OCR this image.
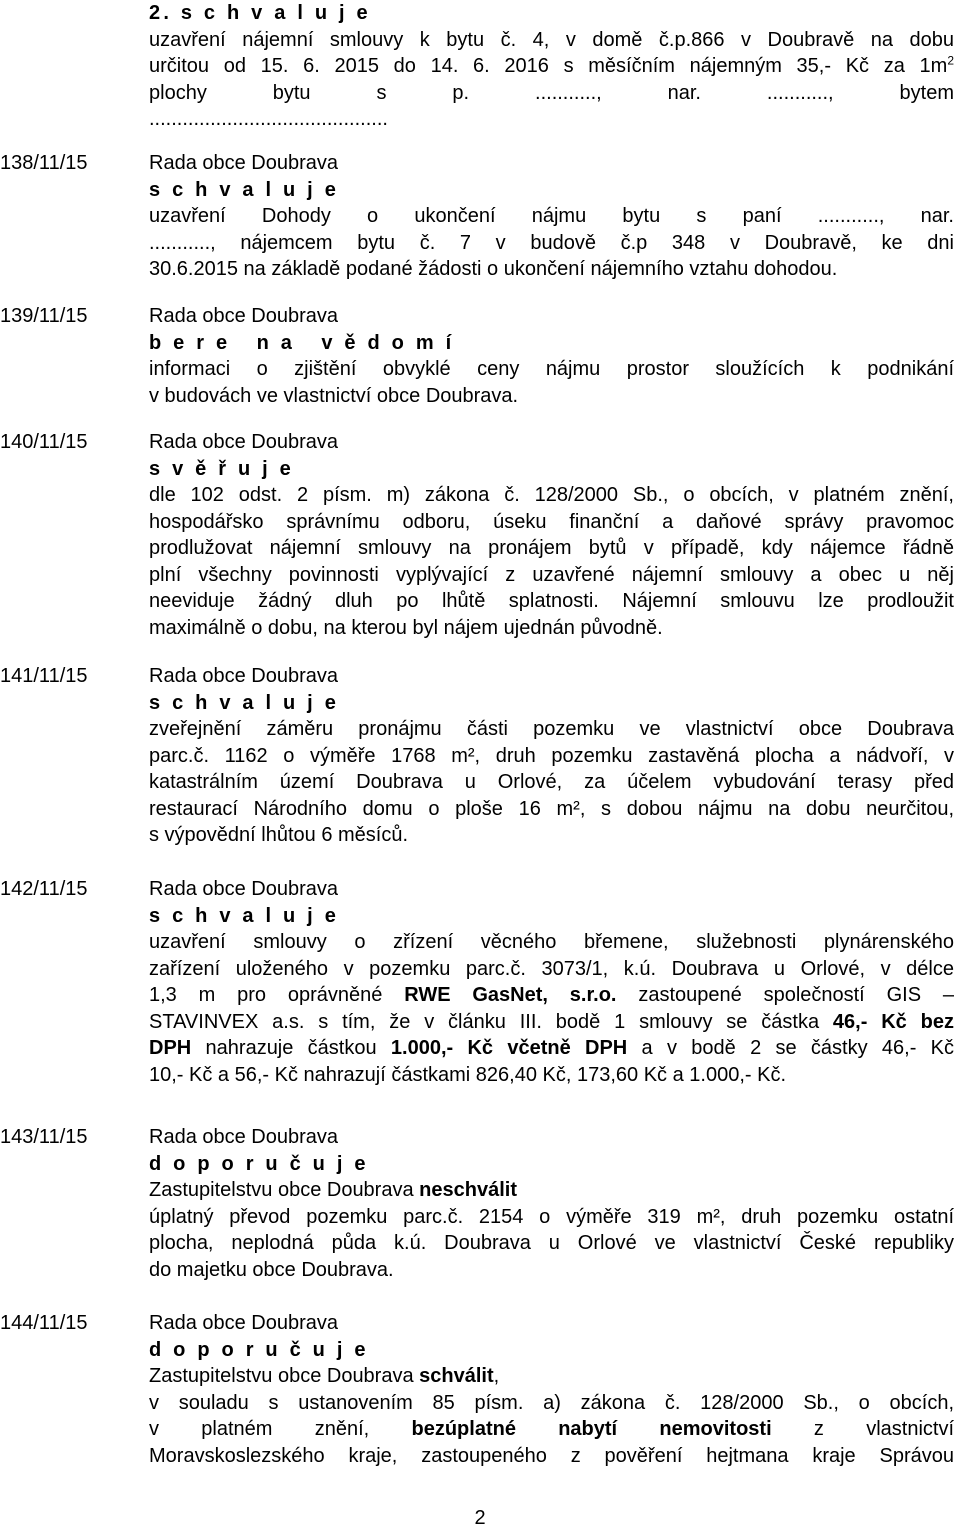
2. s c h v a l u j e
uzavření nájemní smlouvy k bytu č. 4, v domě č.p.866 v Doubravě na dobu
určitou od 15. 6. 2015 do 14. 6. 2016 s měsíčním nájemným 35,- Kč za $1m^2$
plochy bytu s p. ..........., nar. ..........., bytem
...........................................
138/11/15	Rada obce Doubrava
s c h v a l u j e
uzavření Dohody o ukončení nájmu bytu s paní ..........., nar.
..........., nájemcem bytu č. 7 v budově č.p 348 v Doubravě, ke dni
30.6.2015 na základě podané žádosti o ukončení nájemního vztahu dohodou.
139/11/15	Rada obce Doubrava
b e r e   n a   v ě d o m í
informaci o zjištění obvyklé ceny nájmu prostor sloužících k podnikání
v budovách ve vlastnictví obce Doubrava.
140/11/15	Rada obce Doubrava
s v ě ř u j e
dle 102 odst. 2 písm. m) zákona č. 128/2000 Sb., o obcích, v platném znění,
hospodářsko správnímu odboru, úseku finanční a daňové správy pravomoc
prodlužovat nájemní smlouvy na pronájem bytů v případě, kdy nájemce řádně
plní všechny povinnosti vyplývající z uzavřené nájemní smlouvy a obec u něj
neeviduje žádný dluh po lhůtě splatnosti. Nájemní smlouvu lze prodloužit
maximálně o dobu, na kterou byl nájem ujednán původně.
141/11/15	Rada obce Doubrava
s c h v a l u j e
zveřejnění záměru pronájmu části pozemku ve vlastnictví obce Doubrava
parc.č. 1162 o výměře 1768 m², druh pozemku zastavěná plocha a nádvoří, v
katastrálním území Doubrava u Orlové, za účelem vybudování terasy před
restaurací Národního domu o ploše 16 m², s dobou nájmu na dobu neurčitou,
s výpovědní lhůtou 6 měsíců.
142/11/15	Rada obce Doubrava
s c h v a l u j e
uzavření smlouvy o zřízení věcného břemene, služebnosti plynárenského
zařízení uloženého v pozemku parc.č. 3073/1, k.ú. Doubrava u Orlové, v délce
1,3 m pro oprávněné RWE GasNet, s.r.o. zastoupené společností GIS –
STAVINVEX a.s. s tím, že v článku III. bodě 1 smlouvy se částka 46,- Kč bez
DPH nahrazuje částkou 1.000,- Kč včetně DPH a v bodě 2 se částky 46,- Kč
10,- Kč a 56,- Kč nahrazují částkami 826,40 Kč, 173,60 Kč a 1.000,- Kč.
143/11/15	Rada obce Doubrava
d o p o r u č u j e
Zastupitelstvu obce Doubrava neschválit
úplatný převod pozemku parc.č. 2154 o výměře 319 m², druh pozemku ostatní
plocha, neplodná půda k.ú. Doubrava u Orlové ve vlastnictví České republiky
do majetku obce Doubrava.
144/11/15	Rada obce Doubrava
d o p o r u č u j e
Zastupitelstvu obce Doubrava schválit,
v souladu s ustanovením 85 písm. a) zákona č. 128/2000 Sb., o obcích,
v platném znění, bezúplatné nabytí nemovitosti z vlastnictví
Moravskoslezského kraje, zastoupeného z pověření hejtmana kraje Správou
2
